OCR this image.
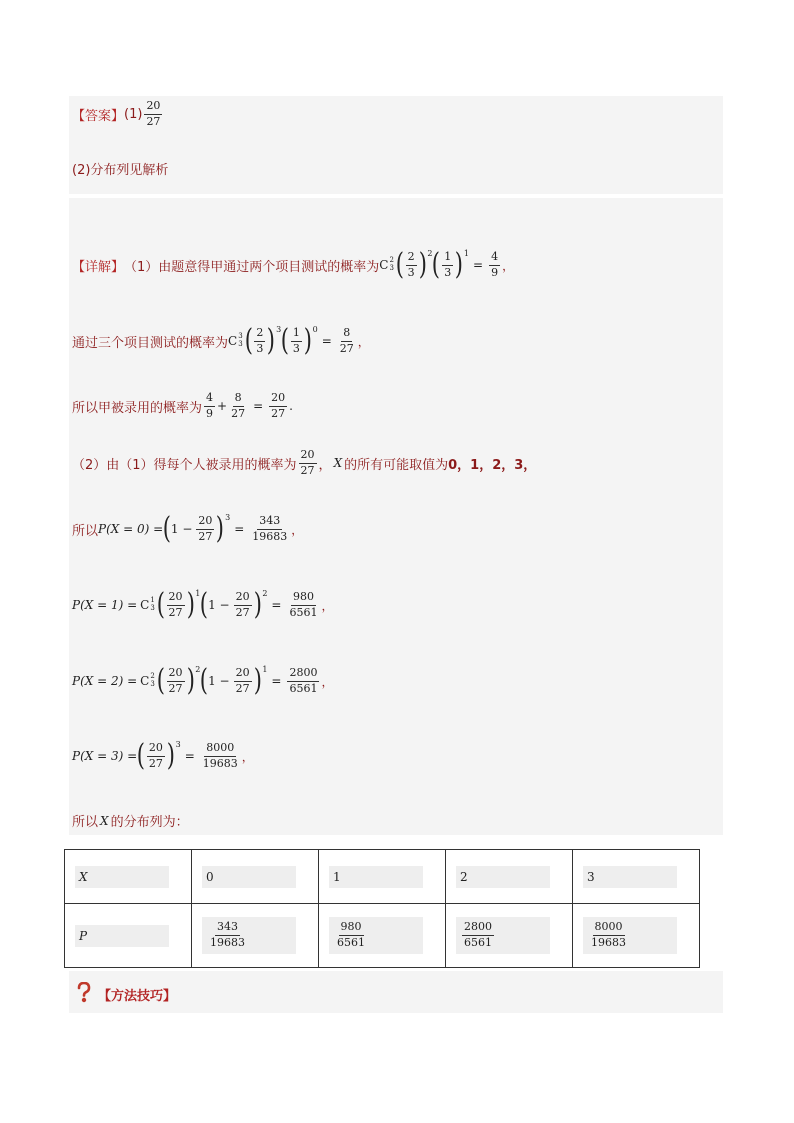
【答案】 $(1) \frac{20}{27}$
(2)分布列见解析
【详解】 （1）由题意得甲通过两个项目测试的概率为 C 2
3 ( $\frac{2}{3}$ ) 2 ( $\frac{1}{3}$ ) 1
= $\frac{4}{9}$ ，
通过三个项目测试的概率为 C 3
3 ( $\frac{2}{3}$ ) 3 ( $\frac{1}{3}$ ) 0
= $\frac{8}{27}$ ，
所以甲被录用的概率为 $\frac{4}{9} + \frac{8}{27} = \frac{20}{27}$ .
（2）由（1）得每个人被录用的概率为 $\frac{20}{27}$ ， X 的所有可能取值为 0，1，2，3，
所以 P(X = 0) = ( $1 - \frac{20}{27}$ ) 3
= $\frac{343}{19683}$ ，
P(X = 1) = C 1
3 ( $\frac{20}{27}$ ) 1 ( $1 - \frac{20}{27}$ ) 2
= $\frac{980}{6561}$ ，
P(X = 2) = C 2
3 ( $\frac{20}{27}$ ) 2 ( $1 - \frac{20}{27}$ ) 1
= $\frac{2800}{6561}$ ，
P(X = 3) = ( $\frac{20}{27}$ ) 3
= $\frac{8000}{19683}$ ，
所以 X 的分布列为：
X	0	1	2	3

P	$\frac{343}{19683}$	$\frac{980}{6561}$	$\frac{2800}{6561}$	$\frac{8000}{19683}$
【方法技巧】
